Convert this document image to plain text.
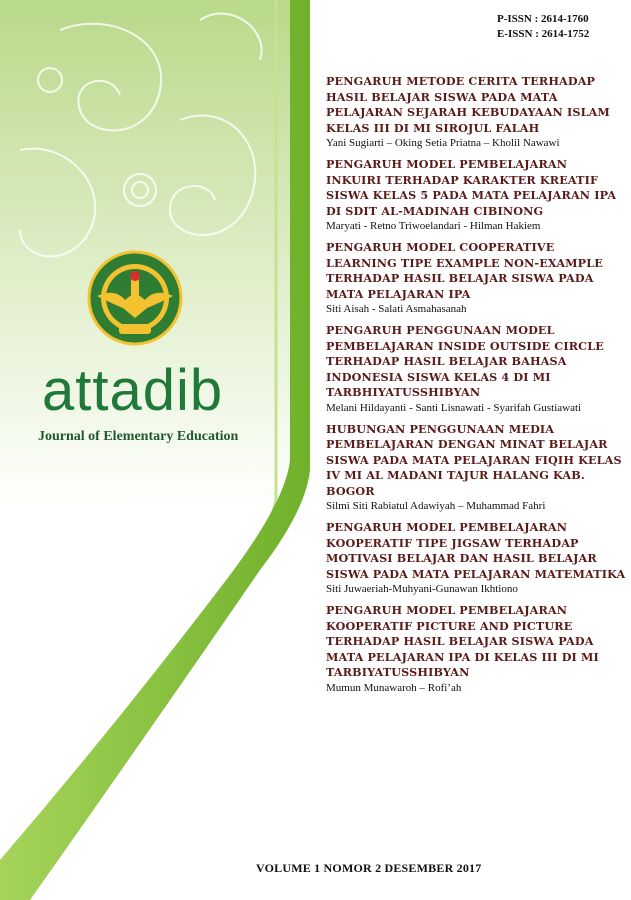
P-ISSN : 2614-1760
E-ISSN : 2614-1752
attadib
Journal of Elementary Education
PENGARUH METODE CERITA TERHADAP HASIL BELAJAR SISWA PADA MATA PELAJARAN SEJARAH KEBUDAYAAN ISLAM KELAS III DI MI SIROJUL FALAH
Yani Sugiarti – Oking Setia Priatna – Kholil Nawawi
PENGARUH MODEL PEMBELAJARAN INKUIRI TERHADAP KARAKTER KREATIF SISWA KELAS 5 PADA MATA PELAJARAN IPA DI SDIT AL-MADINAH CIBINONG
Maryati - Retno Triwoelandari - Hilman Hakiem
PENGARUH MODEL COOPERATIVE LEARNING TIPE EXAMPLE NON-EXAMPLE TERHADAP HASIL BELAJAR SISWA PADA MATA PELAJARAN IPA
Siti Aisah - Salati Asmahasanah
PENGARUH PENGGUNAAN MODEL PEMBELAJARAN INSIDE OUTSIDE CIRCLE TERHADAP HASIL BELAJAR BAHASA INDONESIA SISWA KELAS 4 DI MI TARBHIYATUSSHIBYAN
Melani Hildayanti - Santi Lisnawati - Syarifah Gustiawati
HUBUNGAN PENGGUNAAN MEDIA PEMBELAJARAN DENGAN MINAT BELAJAR SISWA PADA MATA PELAJARAN FIQIH KELAS IV MI AL MADANI TAJUR HALANG KAB. BOGOR
Silmi Siti Rabiatul Adawiyah – Muhammad Fahri
PENGARUH MODEL PEMBELAJARAN KOOPERATIF TIPE JIGSAW TERHADAP MOTIVASI BELAJAR DAN HASIL BELAJAR SISWA PADA MATA PELAJARAN MATEMATIKA
Siti Juwaeriah-Muhyani-Gunawan Ikhtiono
PENGARUH MODEL PEMBELAJARAN KOOPERATIF PICTURE AND PICTURE TERHADAP HASIL BELAJAR SISWA PADA MATA PELAJARAN IPA DI KELAS III DI MI TARBIYATUSSHIBYAN
Mumun Munawaroh – Rofi’ah
VOLUME 1 NOMOR 2 DESEMBER 2017
